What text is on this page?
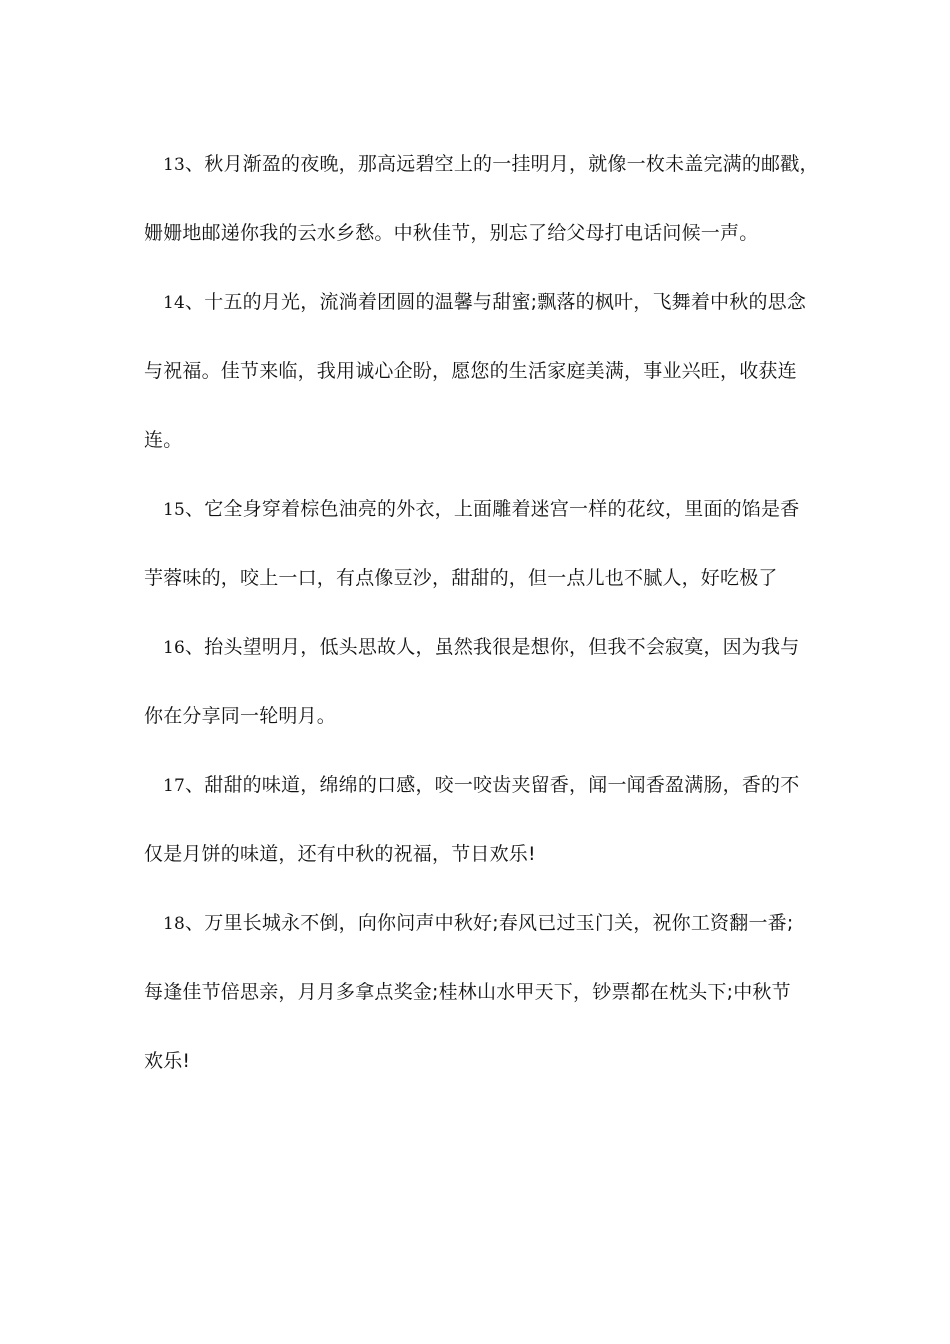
13、秋月渐盈的夜晚，那高远碧空上的一挂明月，就像一枚未盖完满的邮戳，
姗姗地邮递你我的云水乡愁。中秋佳节，别忘了给父母打电话问候一声。
14、十五的月光，流淌着团圆的温馨与甜蜜;飘落的枫叶，飞舞着中秋的思念
与祝福。佳节来临，我用诚心企盼，愿您的生活家庭美满，事业兴旺，收获连
连。
15、它全身穿着棕色油亮的外衣，上面雕着迷宫一样的花纹，里面的馅是香
芋蓉味的，咬上一口，有点像豆沙，甜甜的，但一点儿也不腻人，好吃极了
16、抬头望明月，低头思故人，虽然我很是想你，但我不会寂寞，因为我与
你在分享同一轮明月。
17、甜甜的味道，绵绵的口感，咬一咬齿夹留香，闻一闻香盈满肠，香的不
仅是月饼的味道，还有中秋的祝福，节日欢乐!
18、万里长城永不倒，向你问声中秋好;春风已过玉门关，祝你工资翻一番;
每逢佳节倍思亲，月月多拿点奖金;桂林山水甲天下，钞票都在枕头下;中秋节
欢乐!
